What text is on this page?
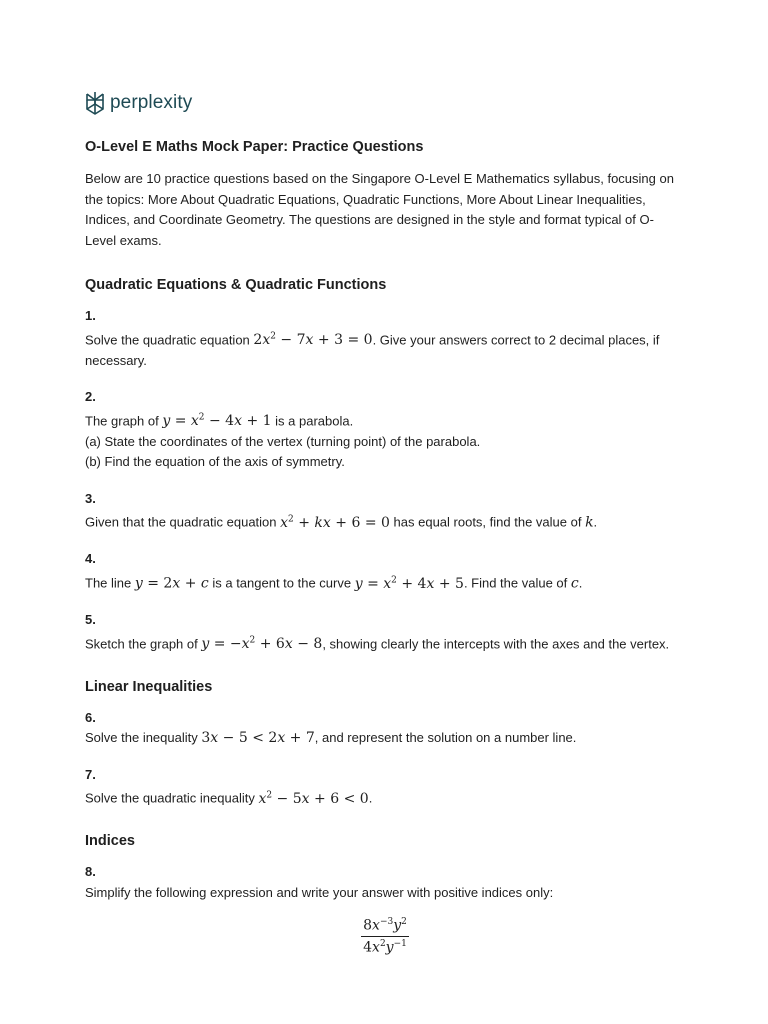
perplexity
O-Level E Maths Mock Paper: Practice Questions

Below are 10 practice questions based on the Singapore O-Level E Mathematics syllabus, focusing on the topics: More About Quadratic Equations, Quadratic Functions, More About Linear Inequalities, Indices, and Coordinate Geometry. The questions are designed in the style and format typical of O-Level exams.

Quadratic Equations & Quadratic Functions
1.

Solve the quadratic equation $2x^2 - 7x + 3 = 0$. Give your answers correct to 2 decimal places, if necessary.

2.

The graph of $y = x^2 - 4x + 1$ is a parabola.

(a) State the coordinates of the vertex (turning point) of the parabola.

(b) Find the equation of the axis of symmetry.

3.

Given that the quadratic equation $x^2$ + kx + 6 = 0 has equal roots, find the value of k.

4.

The line y = 2x + c is a tangent to the curve $y = x^2 + 4x + 5$. Find the value of c.

5.

Sketch the graph of $y = -x^2 + 6x - 8$, showing clearly the intercepts with the axes and the vertex.

Linear Inequalities
6.

Solve the inequality 3x − 5 < 2x + 7, and represent the solution on a number line.

7.

Solve the quadratic inequality $x^2 - 5x + 6 < 0$.

Indices
8.

Simplify the following expression and write your answer with positive indices only:

$\frac{8x^{-3}y^2}{4x^2y^{-1}}$
